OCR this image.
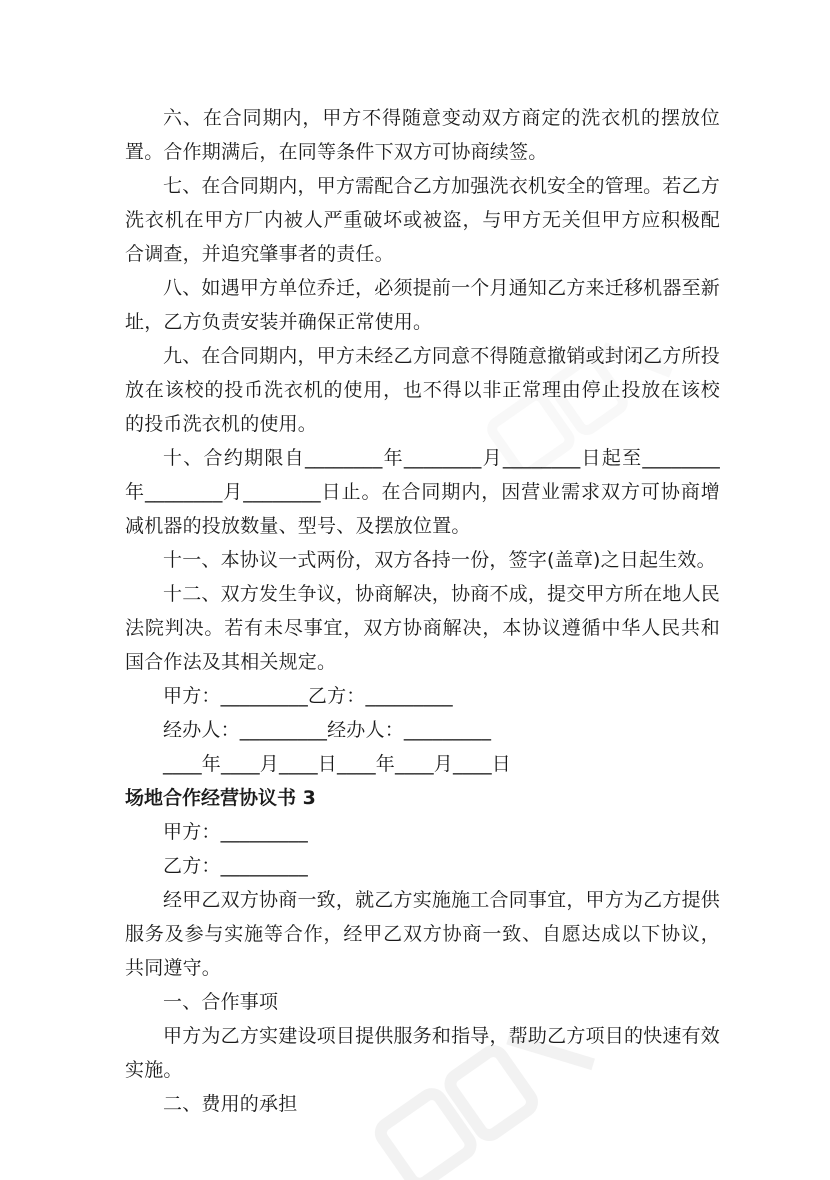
六、在合同期内，甲方不得随意变动双方商定的洗衣机的摆放位置。合作期满后，在同等条件下双方可协商续签。

七、在合同期内，甲方需配合乙方加强洗衣机安全的管理。若乙方洗衣机在甲方厂内被人严重破坏或被盗，与甲方无关但甲方应积极配合调查，并追究肇事者的责任。

八、如遇甲方单位乔迁，必须提前一个月通知乙方来迁移机器至新址，乙方负责安装并确保正常使用。

九、在合同期内，甲方未经乙方同意不得随意撤销或封闭乙方所投放在该校的投币洗衣机的使用，也不得以非正常理由停止投放在该校的投币洗衣机的使用。

十、合约期限自________年________月________日起至________年________月________日止。在合同期内，因营业需求双方可协商增减机器的投放数量、型号、及摆放位置。

十一、本协议一式两份，双方各持一份，签字(盖章)之日起生效。

十二、双方发生争议，协商解决，协商不成，提交甲方所在地人民法院判决。若有未尽事宜，双方协商解决，本协议遵循中华人民共和国合作法及其相关规定。

甲方：_________乙方：_________

经办人：_________经办人：_________

____年____月____日____年____月____日

场地合作经营协议书 3

甲方：_________

乙方：_________

经甲乙双方协商一致，就乙方实施施工合同事宜，甲方为乙方提供服务及参与实施等合作，经甲乙双方协商一致、自愿达成以下协议，共同遵守。

一、合作事项

甲方为乙方实建设项目提供服务和指导，帮助乙方项目的快速有效实施。

二、费用的承担
